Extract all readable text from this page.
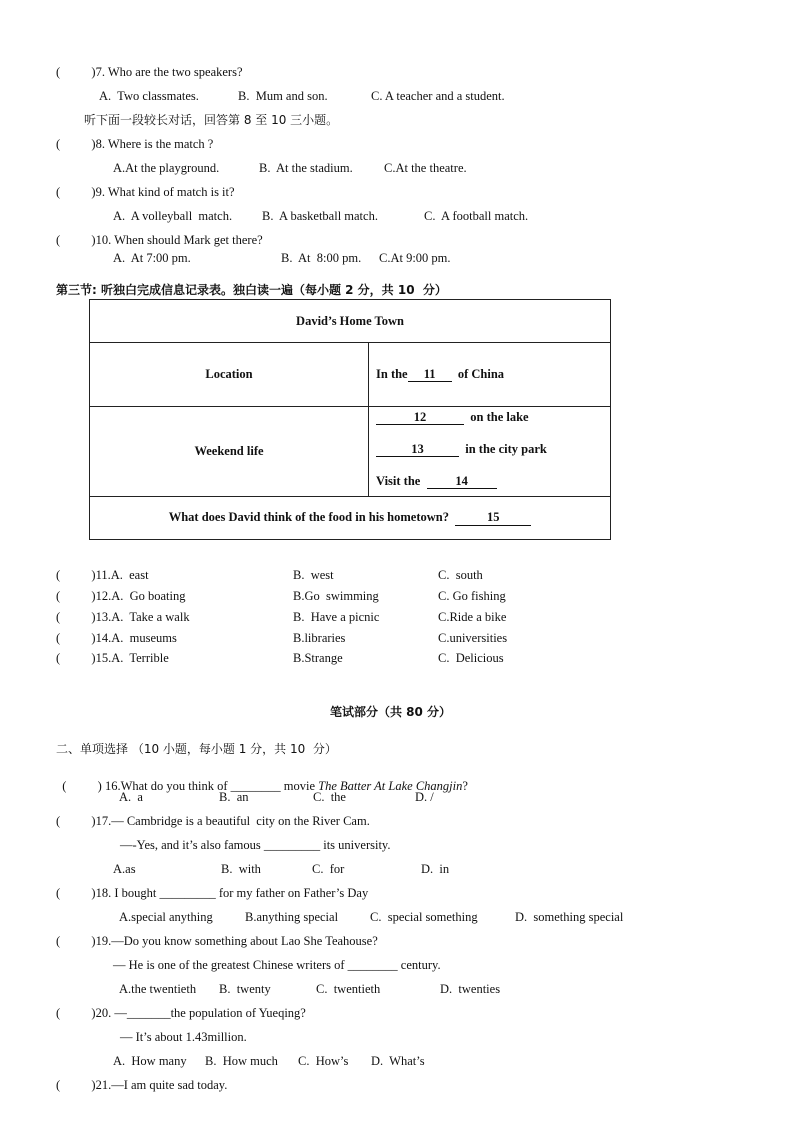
(          )7. Who are the two speakers?
A.  Two classmates.	B.  Mum and son.	C. A teacher and a student.
听下面一段较长对话，回答第 8 至 10 三小题。
(          )8. Where is the match ?
A.At the playground.	B.  At the stadium.	C.At the theatre.
(          )9. What kind of match is it?
A.  A volleyball  match. B.  A basketball match.	C.  A football match.
(          )10. When should Mark get there?
A.  At 7:00 pm.	B.  At  8:00 pm. C.At 9:00 pm.
第三节: 听独白完成信息记录表。独白读一遍（每小题 2 分，共 10  分）
David’s Home Town	
Location	In the 11 of China
Weekend life	12 on the lake
13 in the city park
Visit the 14

What does David think of the food in his hometown? 15	
(          )11.A.  east	B.  west	C.  south
(          )12.A.  Go boating	B.Go  swimming	C. Go fishing
(          )13.A.  Take a walk	B.  Have a picnic	C.Ride a bike
(          )14.A.  museums	B.libraries	C.universities
(          )15.A.  Terrible	B.Strange	C.  Delicious
笔试部分（共 80 分）
二、单项选择 （10 小题，每小题 1 分，共 10  分）

(          ) 16.What do you think of ________ movie The Batter At Lake Changjin?

A.  a	B.  an	C.  the	D. /
(          )17.— Cambridge is a beautiful  city on the River Cam.
—-Yes, and it’s also famous _________ its university.
A.as	B.  with	C.  for	D.  in
(          )18. I bought _________ for my father on Father’s Day
A.special anything	B.anything special	C.  special something	D.  something special
(          )19.—Do you know something about Lao She Teahouse?
— He is one of the greatest Chinese writers of ________ century.
A.the twentieth B.  twenty	C.  twentieth	D.  twenties
(          )20. —_______the population of Yueqing?
— It’s about 1.43million.
A.  How many B.  How much C.  How’s D.  What’s
(          )21.—I am quite sad today.
